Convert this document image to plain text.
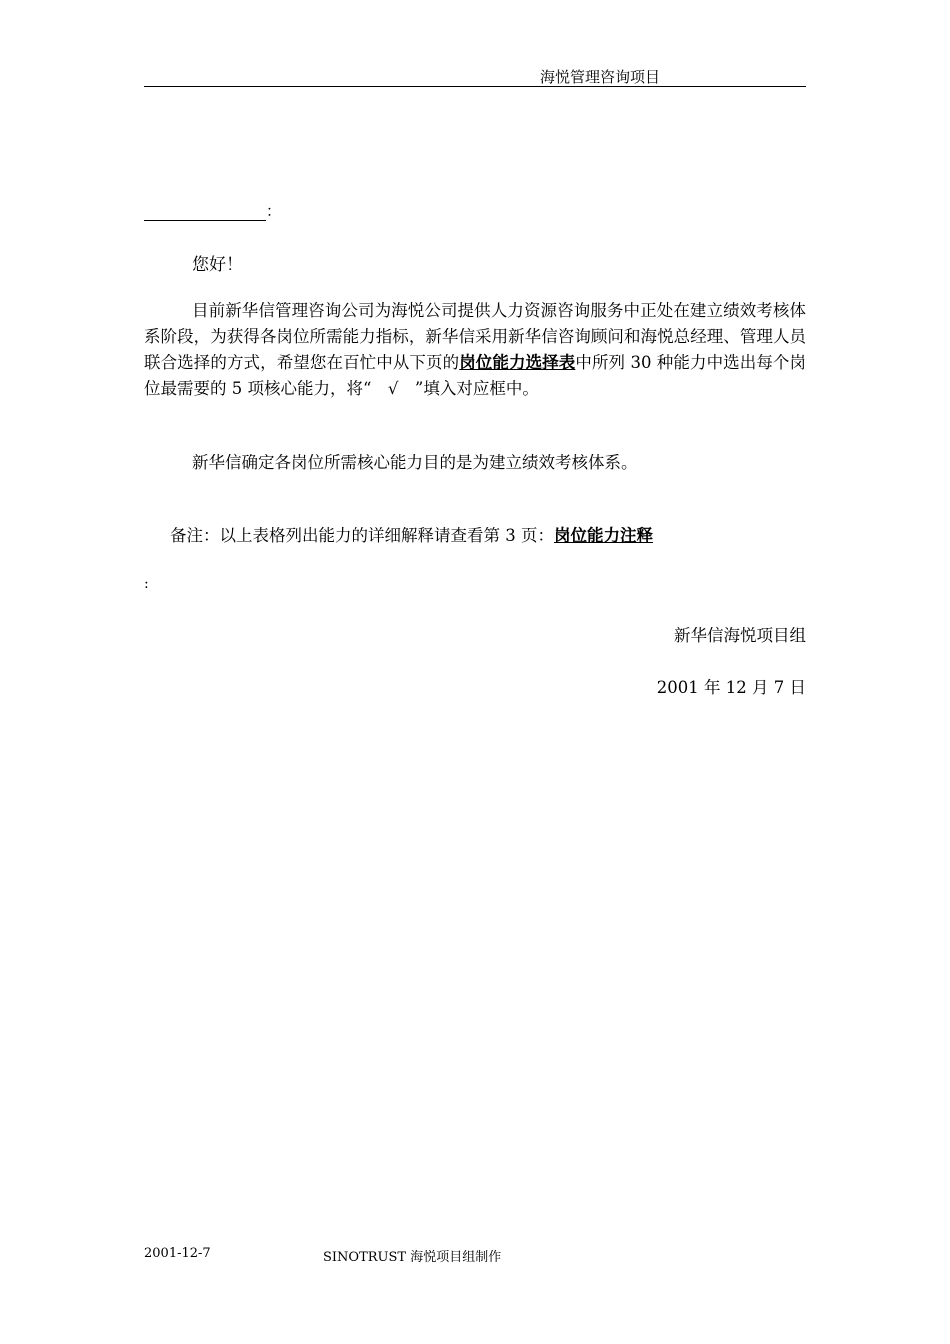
海悦管理咨询项目
：
您好！
目前新华信管理咨询公司为海悦公司提供人力资源咨询服务中正处在建立绩效考核体系阶段，为获得各岗位所需能力指标，新华信采用新华信咨询顾问和海悦总经理、管理人员联合选择的方式，希望您在百忙中从下页的岗位能力选择表中所列 30 种能力中选出每个岗位最需要的 5 项核心能力，将“　√　”填入对应框中。
新华信确定各岗位所需核心能力目的是为建立绩效考核体系。
备注：以上表格列出能力的详细解释请查看第 3 页：岗位能力注释
:
新华信海悦项目组
2001 年 12 月 7 日
2001-12-7	SINOTRUST 海悦项目组制作
